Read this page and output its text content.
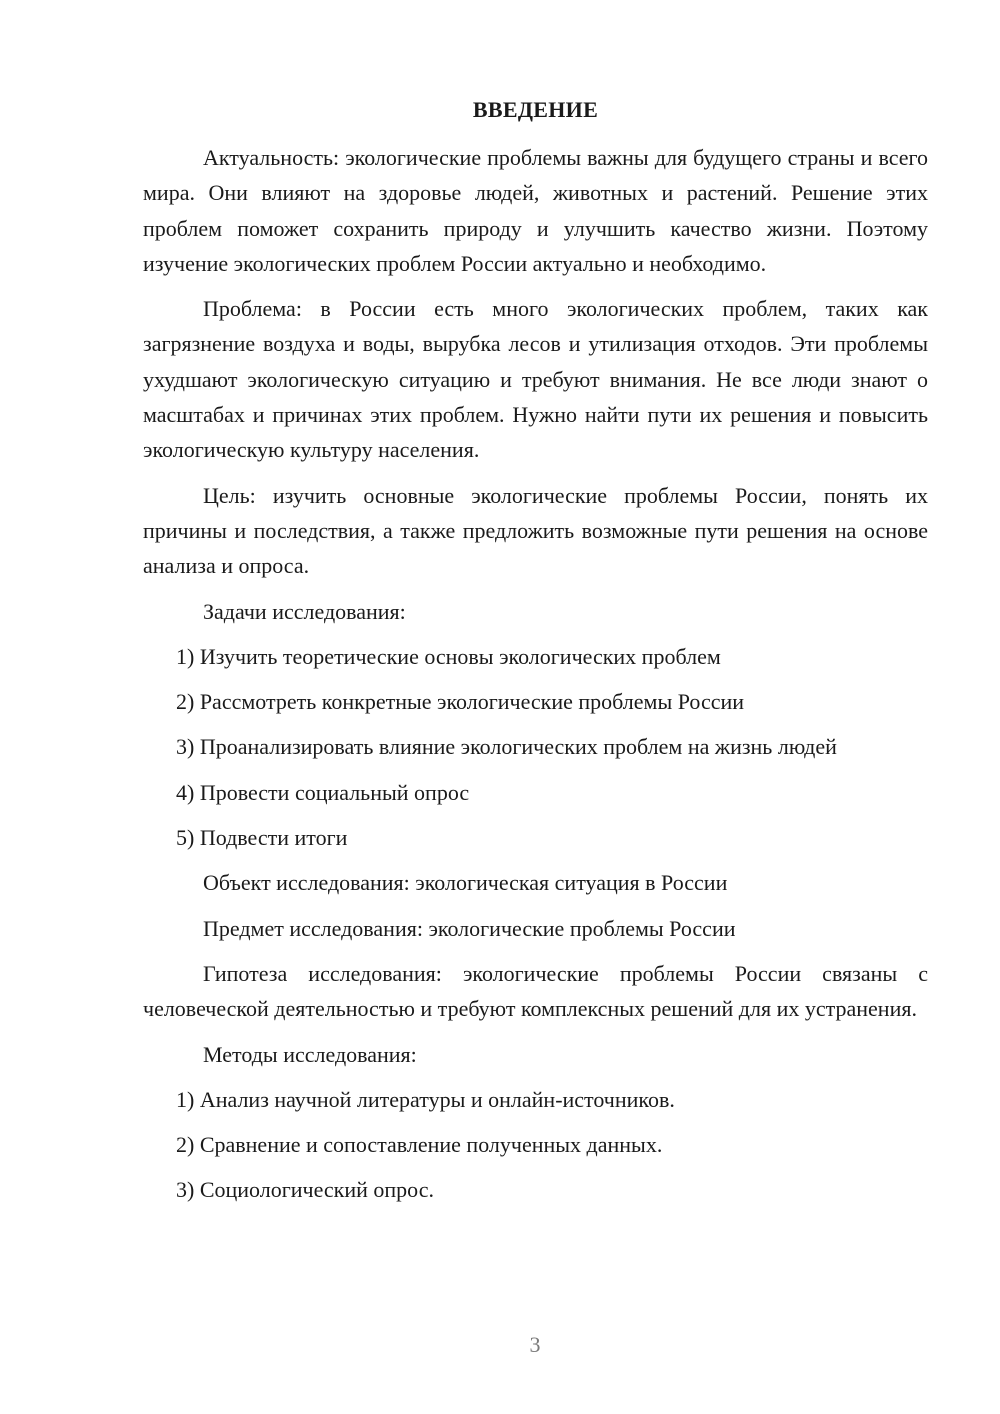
ВВЕДЕНИЕ
Актуальность: экологические проблемы важны для будущего страны и всего мира. Они влияют на здоровье людей, животных и растений. Решение этих проблем поможет сохранить природу и улучшить качество жизни. Поэтому изучение экологических проблем России актуально и необходимо.
Проблема: в России есть много экологических проблем, таких как загрязнение воздуха и воды, вырубка лесов и утилизация отходов. Эти проблемы ухудшают экологическую ситуацию и требуют внимания. Не все люди знают о масштабах и причинах этих проблем. Нужно найти пути их решения и повысить экологическую культуру населения.
Цель: изучить основные экологические проблемы России, понять их причины и последствия, а также предложить возможные пути решения на основе анализа и опроса.
Задачи исследования:
1) Изучить теоретические основы экологических проблем
2) Рассмотреть конкретные экологические проблемы России
3) Проанализировать влияние экологических проблем на жизнь людей
4) Провести социальный опрос
5) Подвести итоги
Объект исследования: экологическая ситуация в России
Предмет исследования: экологические проблемы России
Гипотеза исследования: экологические проблемы России связаны с человеческой деятельностью и требуют комплексных решений для их устранения.
Методы исследования:
1) Анализ научной литературы и онлайн-источников.
2) Сравнение и сопоставление полученных данных.
3) Социологический опрос.
3
